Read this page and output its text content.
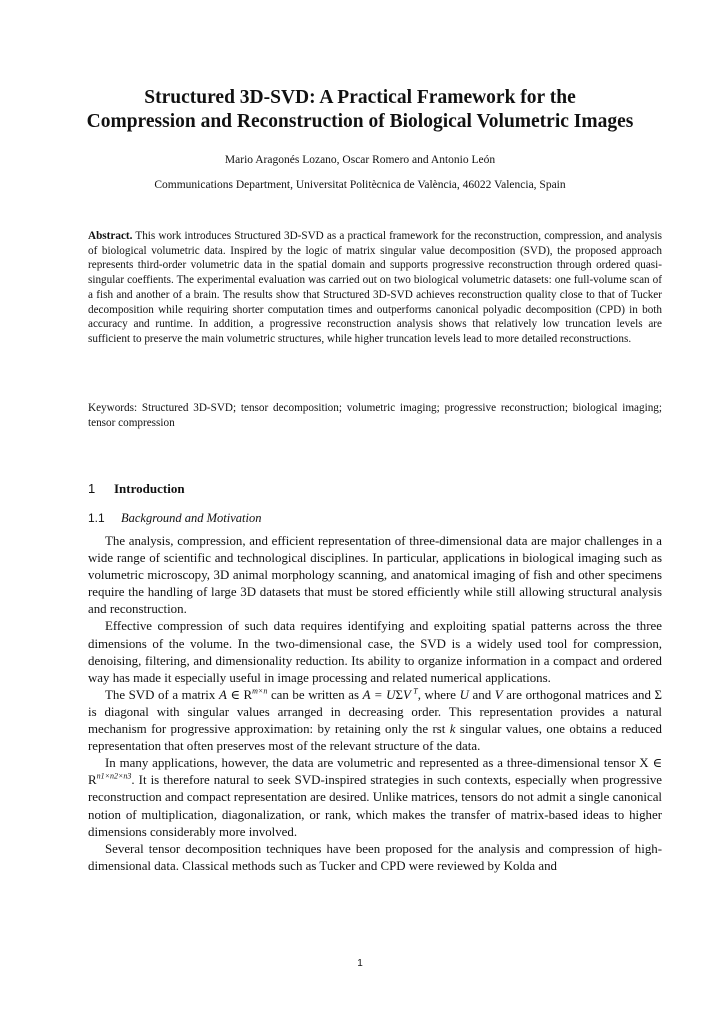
Structured 3D-SVD: A Practical Framework for the
Compression and Reconstruction of Biological Volumetric Images
Mario Aragonés Lozano, Oscar Romero and Antonio León
Communications Department, Universitat Politècnica de València, 46022 Valencia, Spain

Abstract. This work introduces Structured 3D-SVD as a practical framework for the reconstruction, compression, and analysis of biological volumetric data. Inspired by the logic of matrix singular value decomposition (SVD), the proposed approach represents third-order volumetric data in the spatial domain and supports progressive reconstruction through ordered quasi-singular coeffients. The experimental evaluation was carried out on two biological volumetric datasets: one full-volume scan of a fish and another of a brain. The results show that Structured 3D-SVD achieves reconstruction quality close to that of Tucker decomposition while requiring shorter computation times and outperforms canonical polyadic decomposition (CPD) in both accuracy and runtime. In addition, a progressive reconstruction analysis shows that relatively low truncation levels are sufficient to preserve the main volumetric structures, while higher truncation levels lead to more detailed reconstructions.

Keywords: Structured 3D-SVD; tensor decomposition; volumetric imaging; progressive reconstruction; biological imaging; tensor compression

1 Introduction
1.1 Background and Motivation

The analysis, compression, and efficient representation of three-dimensional data are major challenges in a wide range of scientific and technological disciplines. In particular, applications in biological imaging such as volumetric microscopy, 3D animal morphology scanning, and anatomical imaging of fish and other specimens require the handling of large 3D datasets that must be stored efficiently while still allowing structural analysis and reconstruction.

Effective compression of such data requires identifying and exploiting spatial patterns across the three dimensions of the volume. In the two-dimensional case, the SVD is a widely used tool for compression, denoising, filtering, and dimensionality reduction. Its ability to organize information in a compact and ordered way has made it especially useful in image processing and related numerical applications.

The SVD of a matrix A ∈ $R^{m\times n}$ can be written as A = UΣV $^T$, where U and V are orthogonal matrices and Σ is diagonal with singular values arranged in decreasing order. This representation provides a natural mechanism for progressive approximation: by retaining only the rst k singular values, one obtains a reduced representation that often preserves most of the relevant structure of the data.

In many applications, however, the data are volumetric and represented as a three-dimensional tensor X ∈ $R^{n1\times n2\times n3}$. It is therefore natural to seek SVD-inspired strategies in such contexts, especially when progressive reconstruction and compact representation are desired. Unlike matrices, tensors do not admit a single canonical notion of multiplication, diagonalization, or rank, which makes the transfer of matrix-based ideas to higher dimensions considerably more involved.

Several tensor decomposition techniques have been proposed for the analysis and compression of high-dimensional data. Classical methods such as Tucker and CPD were reviewed by Kolda and

1
